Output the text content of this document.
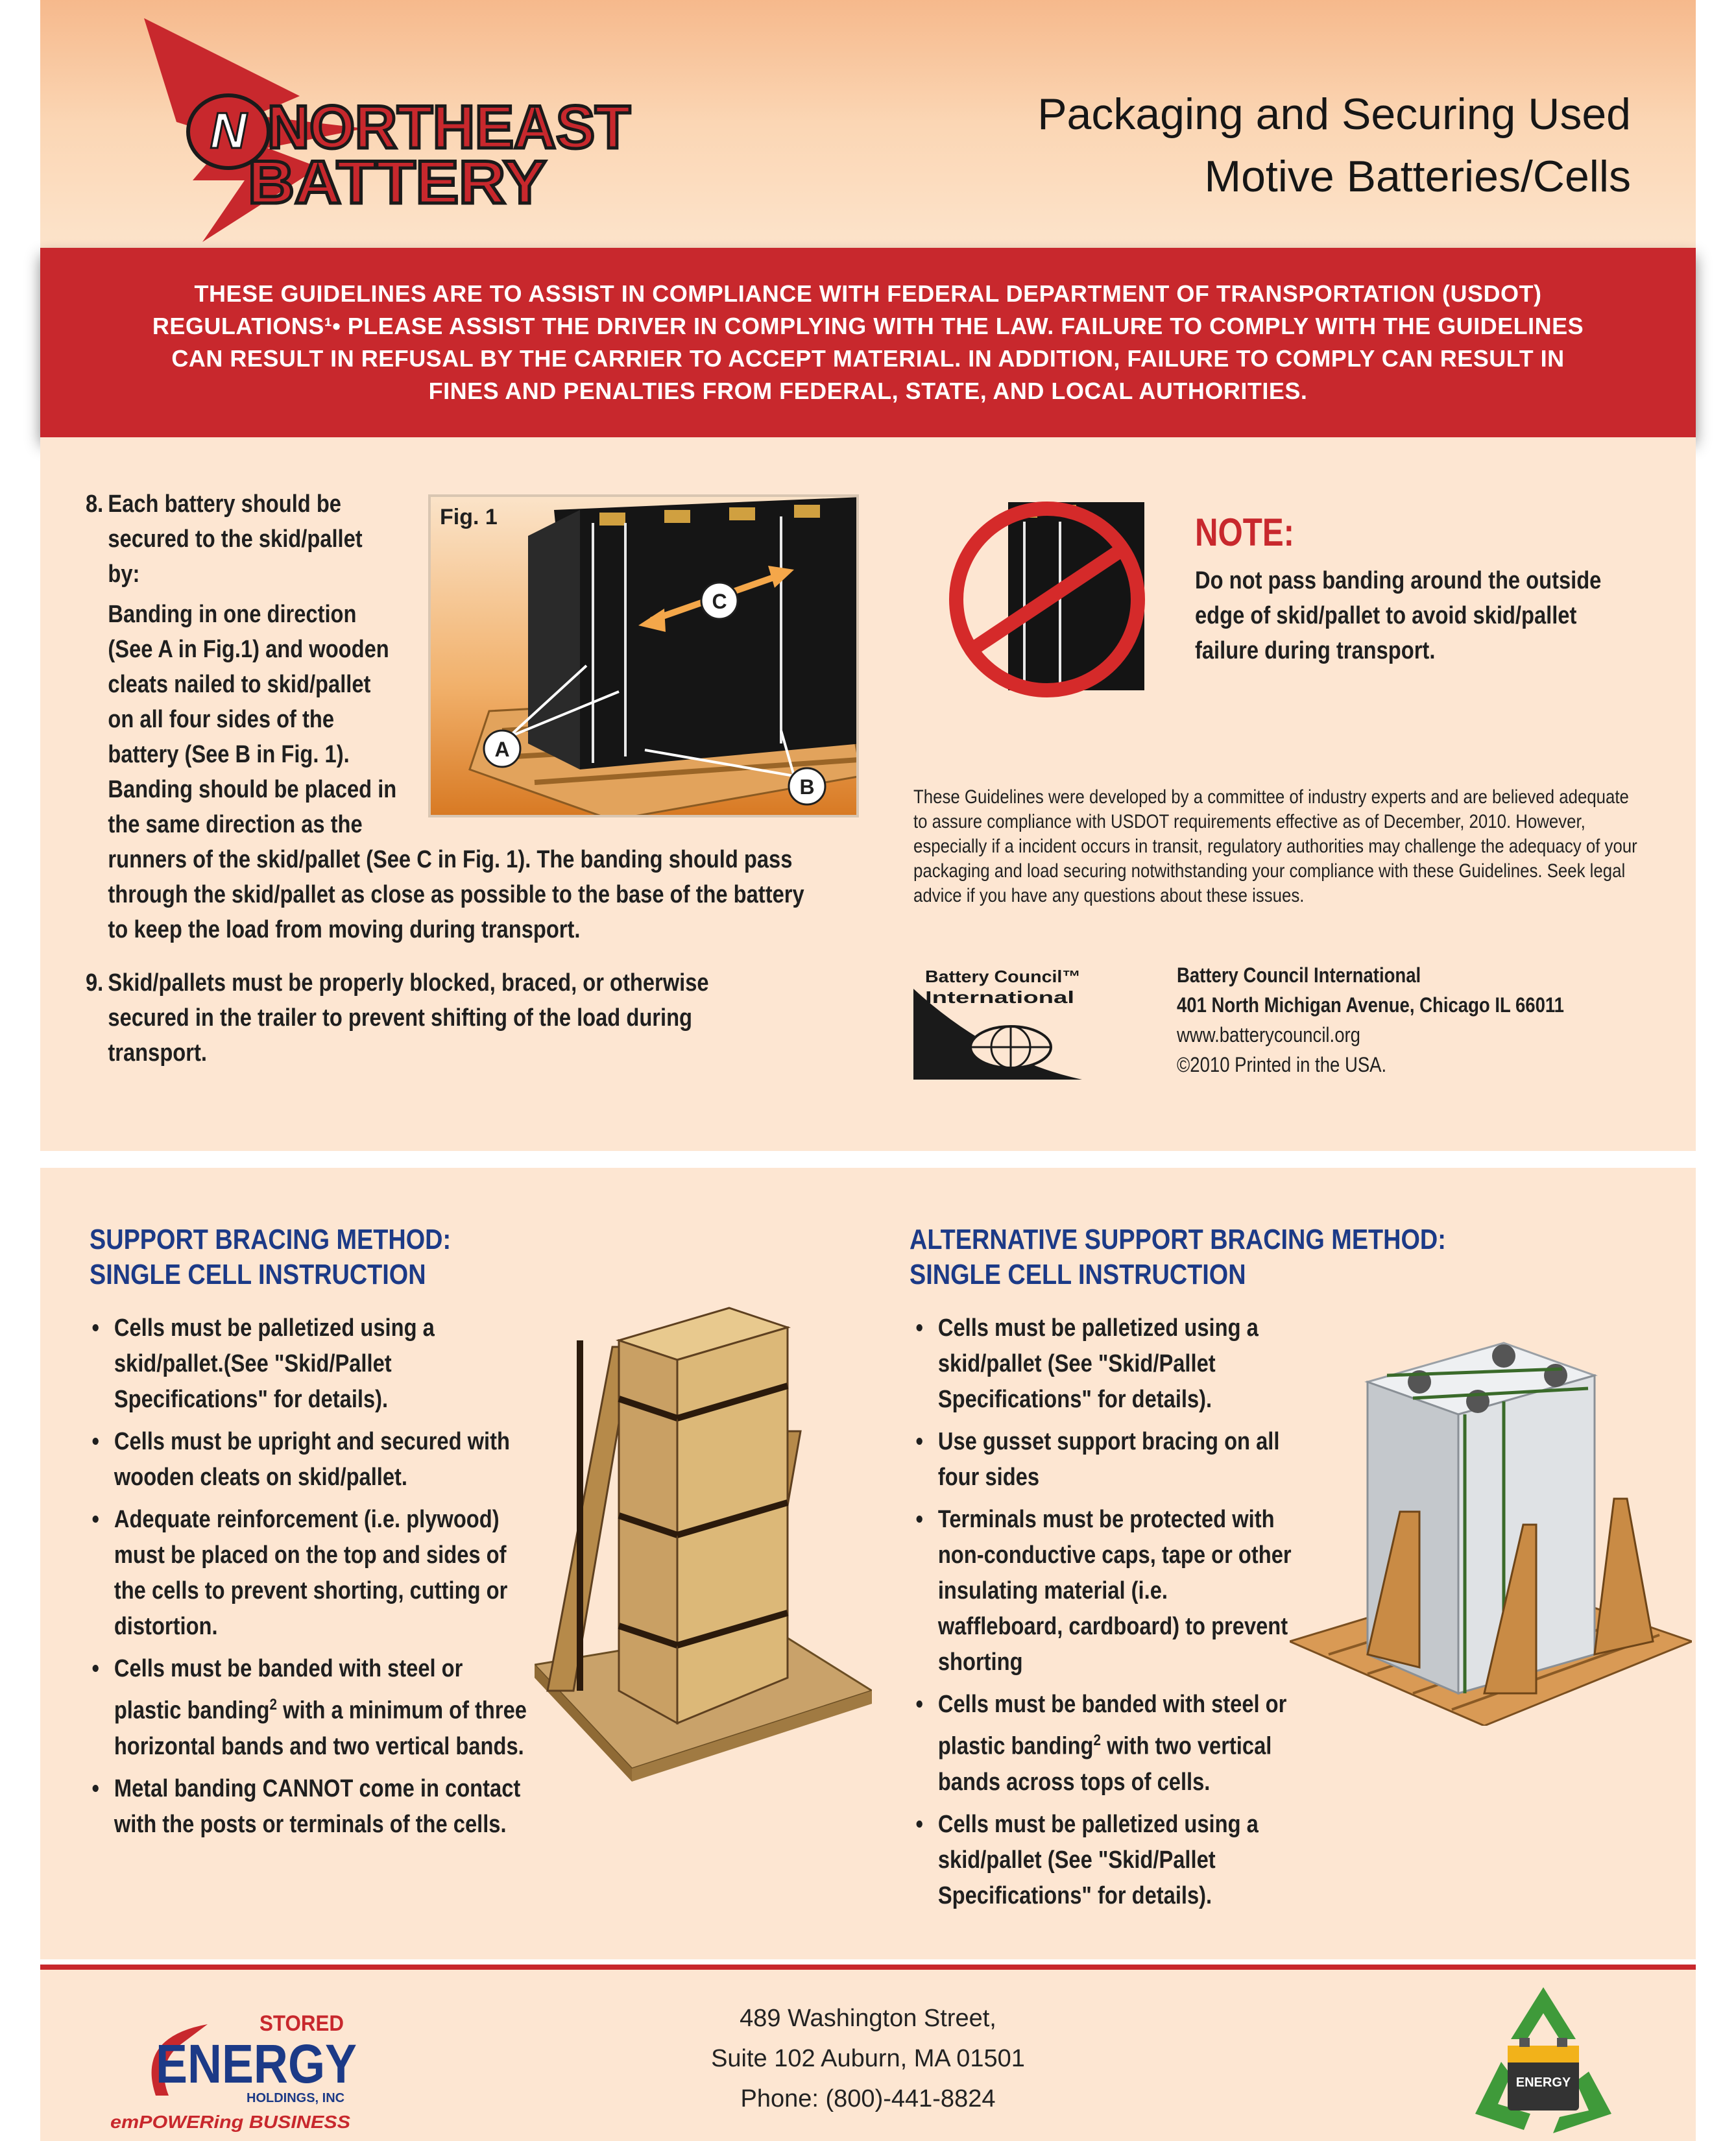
N NORTHEAST
BATTERY
Packaging and Securing Used
Motive Batteries/Cells

THESE GUIDELINES ARE TO ASSIST IN COMPLIANCE WITH FEDERAL DEPARTMENT OF TRANSPORTATION (USDOT) REGULATIONS¹• PLEASE ASSIST THE DRIVER IN COMPLYING WITH THE LAW. FAILURE TO COMPLY WITH THE GUIDELINES CAN RESULT IN REFUSAL BY THE CARRIER TO ACCEPT MATERIAL. IN ADDITION, FAILURE TO COMPLY CAN RESULT IN FINES AND PENALTIES FROM FEDERAL, STATE, AND LOCAL AUTHORITIES.

8. Each battery should be secured to the skid/pallet by:
Banding in one direction (See A in Fig.1) and wooden cleats nailed to skid/pallet on all four sides of the battery (See B in Fig. 1). Banding should be placed in the same direction as the
runners of the skid/pallet (See C in Fig. 1). The banding should pass through the skid/pallet as close as possible to the base of the battery to keep the load from moving during transport.
C
A
B
Fig. 1
9. Skid/pallets must be properly blocked, braced, or otherwise secured in the trailer to prevent shifting of the load during transport.
NOTE:
Do not pass banding around the outside edge of skid/pallet to avoid skid/pallet failure during transport.
These Guidelines were developed by a committee of industry experts and are believed adequate to assure compliance with USDOT requirements effective as of December, 2010. However, especially if a incident occurs in transit, regulatory authorities may challenge the adequacy of your packaging and load securing notwithstanding your compliance with these Guidelines. Seek legal advice if you have any questions about these issues.
Battery Council™
International
Battery Council International
401 North Michigan Avenue, Chicago IL 66011
www.batterycouncil.org
©2010 Printed in the USA.
SUPPORT BRACING METHOD:
SINGLE CELL INSTRUCTION
• Cells must be palletized using a skid/pallet.(See "Skid/Pallet Specifications" for details).
• Cells must be upright and secured with wooden cleats on skid/pallet.
• Adequate reinforcement (i.e. plywood) must be placed on the top and sides of the cells to prevent shorting, cutting or distortion.
• Cells must be banded with steel or plastic banding$^2$ with a minimum of three horizontal bands and two vertical bands.
• Metal banding CANNOT come in contact with the posts or terminals of the cells.
ALTERNATIVE SUPPORT BRACING METHOD:
SINGLE CELL INSTRUCTION
• Cells must be palletized using a skid/pallet (See "Skid/Pallet Specifications" for details).
• Use gusset support bracing on all four sides
• Terminals must be protected with non-conductive caps, tape or other insulating material (i.e. waffleboard, cardboard) to prevent shorting
• Cells must be banded with steel or plastic banding$^2$ with two vertical bands across tops of cells.
• Cells must be palletized using a skid/pallet (See "Skid/Pallet Specifications" for details).
STORED
ENERGY
HOLDINGS, INC
emPOWERing BUSINESS
489 Washington Street,
Suite 102 Auburn, MA 01501
Phone: (800)-441-8824
ENERGY
